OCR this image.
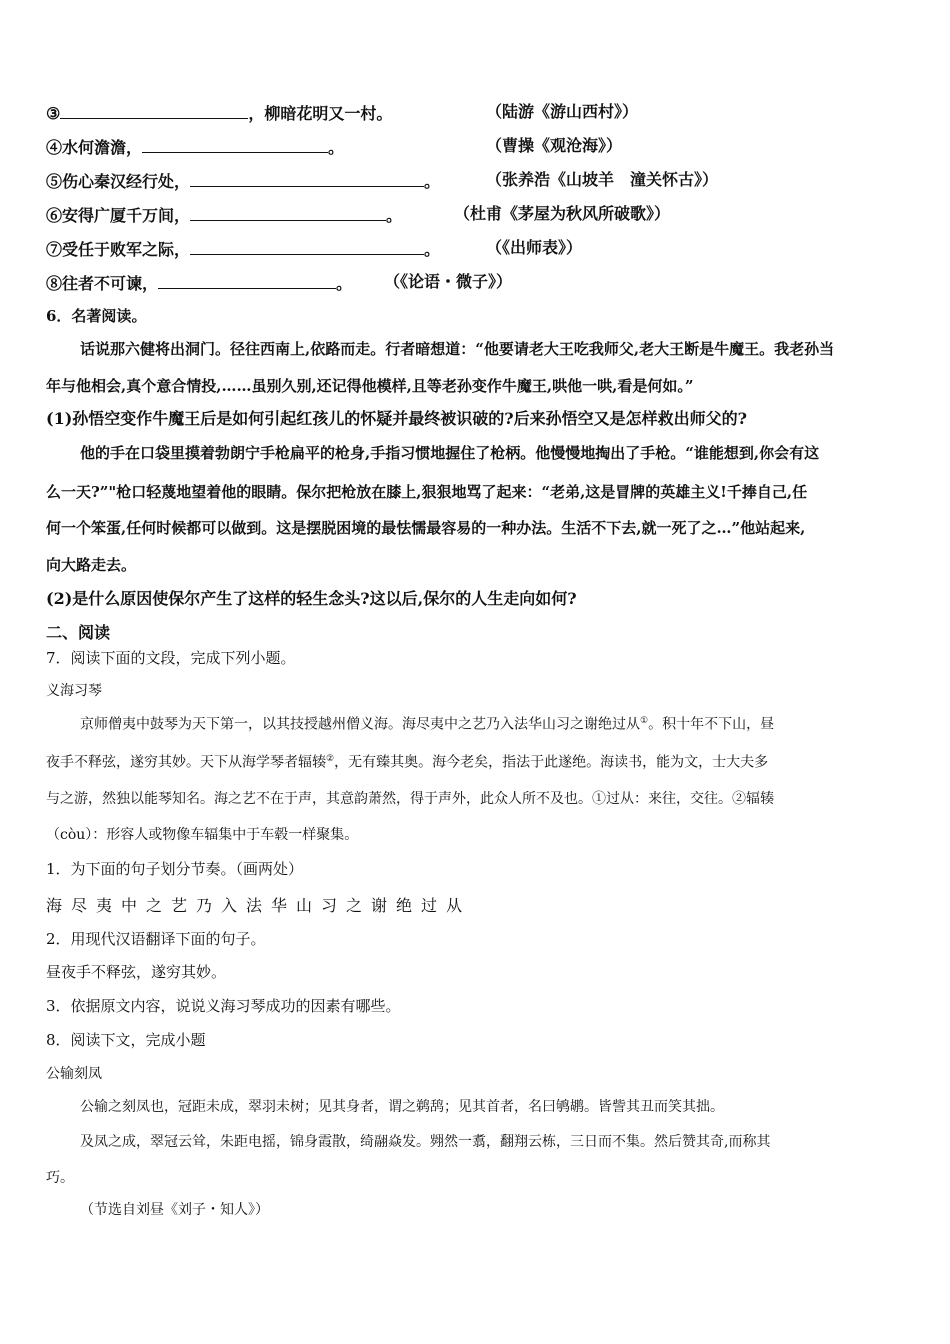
③	，柳暗花明又一村。	（陆游《游山西村》）
④水何澹澹，	。	（曹操《观沧海》）
⑤伤心秦汉经行处，	。	（张养浩《山坡羊　潼关怀古》）
⑥安得广厦千万间，	。	（杜甫《茅屋为秋风所破歌》）
⑦受任于败军之际，	。	（《出师表》）
⑧往者不可谏，	。 （《论语・微子》）
6．名著阅读。
话说那六健将出洞门。径往西南上,依路而走。行者暗想道：“他要请老大王吃我师父,老大王断是牛魔王。我老孙当
年与他相会,真个意合情投,……虽别久别,还记得他模样,且等老孙变作牛魔王,哄他一哄,看是何如。”
(1)孙悟空变作牛魔王后是如何引起红孩儿的怀疑并最终被识破的?后来孙悟空又是怎样救出师父的?
他的手在口袋里摸着勃朗宁手枪扁平的枪身,手指习惯地握住了枪柄。他慢慢地掏出了手枪。“谁能想到,你会有这
么一天?”"枪口轻蔑地望着他的眼睛。保尔把枪放在膝上,狠狠地骂了起来：“老弟,这是冒牌的英雄主义!千捧自己,任
何一个笨蛋,任何时候都可以做到。这是摆脱困境的最怯懦最容易的一种办法。生活不下去,就一死了之…”他站起来,
向大路走去。
(2)是什么原因使保尔产生了这样的轻生念头?这以后,保尔的人生走向如何?
二、阅读
7．阅读下面的文段，完成下列小题。
义海习琴
京师僧夷中鼓琴为天下第一，以其技授越州僧义海。海尽夷中之艺乃入法华山习之谢绝过从①。积十年不下山，昼
夜手不释弦，遂穷其妙。天下从海学琴者辐辏②，无有臻其奥。海今老矣，指法于此遂绝。海读书，能为文，士大夫多
与之游，然独以能琴知名。海之艺不在于声，其意韵萧然，得于声外，此众人所不及也。①过从：来往，交往。②辐辏
（còu）：形容人或物像车辐集中于车毂一样聚集。
1．为下面的句子划分节奏。（画两处）
海尽夷中之艺乃入法华山习之谢绝过从
2．用现代汉语翻译下面的句子。
昼夜手不释弦，遂穷其妙。
3．依据原文内容，说说义海习琴成功的因素有哪些。
8．阅读下文，完成小题
公输刻凤
公输之刻凤也，冠距未成，翠羽未树；见其身者，谓之鹈鸹；见其首者，名曰鸲鹕。皆訾其丑而笑其拙。
及凤之成，翠冠云耸，朱距电摇，锦身霞散，绮翮焱发。翙然一翥，翻翔云栋，三日而不集。然后赞其奇,而称其
巧。
（节选自刘昼《刘子・知人》）
